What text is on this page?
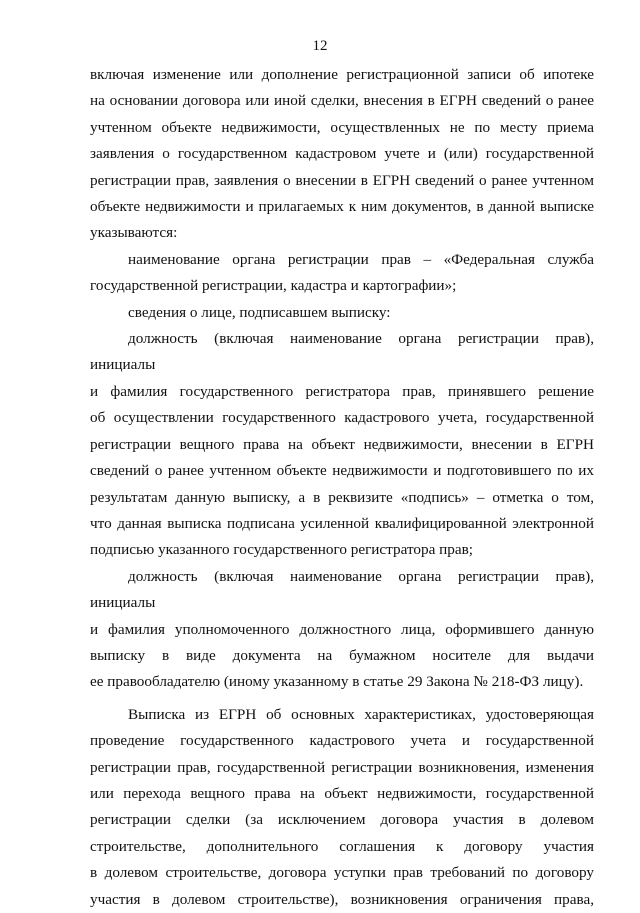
12

включая изменение или дополнение регистрационной записи об ипотеке
на основании договора или иной сделки, внесения в ЕГРН сведений о ранее
учтенном объекте недвижимости, осуществленных не по месту приема
заявления о государственном кадастровом учете и (или) государственной
регистрации прав, заявления о внесении в ЕГРН сведений о ранее учтенном
объекте недвижимости и прилагаемых к ним документов, в данной выписке
указываются:

наименование органа регистрации прав – «Федеральная служба
государственной регистрации, кадастра и картографии»;

сведения о лице, подписавшем выписку:

должность (включая наименование органа регистрации прав), инициалы
и фамилия государственного регистратора прав, принявшего решение
об осуществлении государственного кадастрового учета, государственной
регистрации вещного права на объект недвижимости, внесении в ЕГРН
сведений о ранее учтенном объекте недвижимости и подготовившего по их
результатам данную выписку, а в реквизите «подпись» – отметка о том,
что данная выписка подписана усиленной квалифицированной электронной
подписью указанного государственного регистратора прав;

должность (включая наименование органа регистрации прав), инициалы
и фамилия уполномоченного должностного лица, оформившего данную
выписку в виде документа на бумажном носителе для выдачи
ее правообладателю (иному указанному в статье 29 Закона № 218-ФЗ лицу).

Выписка из ЕГРН об основных характеристиках, удостоверяющая
проведение государственного кадастрового учета и государственной
регистрации прав, государственной регистрации возникновения, изменения
или перехода вещного права на объект недвижимости, государственной
регистрации сделки (за исключением договора участия в долевом
строительстве, дополнительного соглашения к договору участия
в долевом строительстве, договора уступки прав требований по договору
участия в долевом строительстве), возникновения ограничения права,
